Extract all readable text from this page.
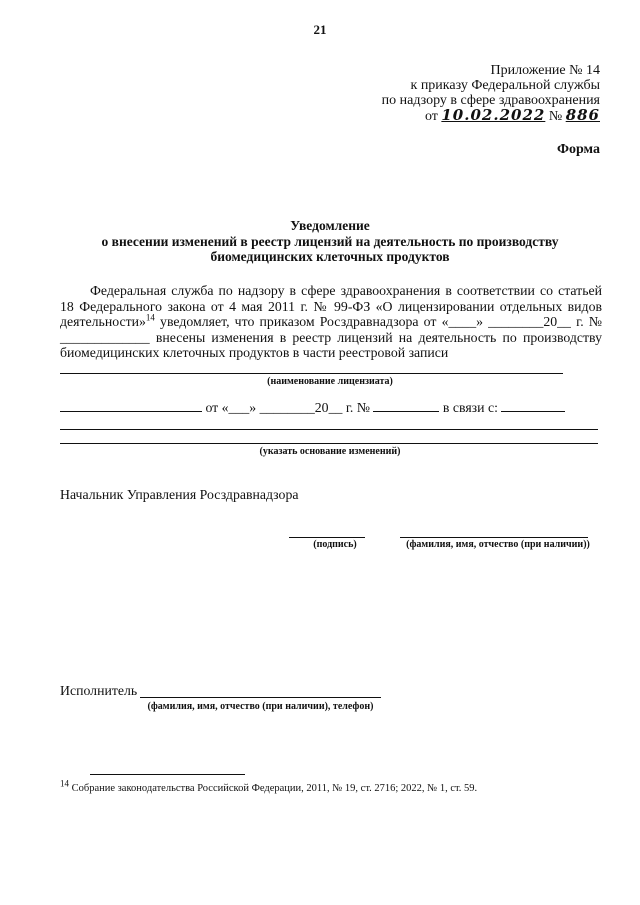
21
Приложение № 14
к приказу Федеральной службы
по надзору в сфере здравоохранения
от 10.02.2022 № 886
Форма
Уведомление
о внесении изменений в реестр лицензий на деятельность по производству
биомедицинских клеточных продуктов
Федеральная служба по надзору в сфере здравоохранения в соответствии со статьей 18 Федерального закона от 4 мая 2011 г. № 99-ФЗ «О лицензировании отдельных видов деятельности»$^{14}$ уведомляет, что приказом Росздравнадзора от «____» ________20__ г. № _____________ внесены изменения в реестр лицензий на деятельность по производству биомедицинских клеточных продуктов в части реестровой записи
(наименование лицензиата)
от «___» ________20__ г. №	в связи с:
(указать основание изменений)
Начальник Управления Росздравнадзора
(подпись)	(фамилия, имя, отчество (при наличии))
Исполнитель
(фамилия, имя, отчество (при наличии), телефон)
14 Собрание законодательства Российской Федерации, 2011, № 19, ст. 2716; 2022, № 1, ст. 59.
